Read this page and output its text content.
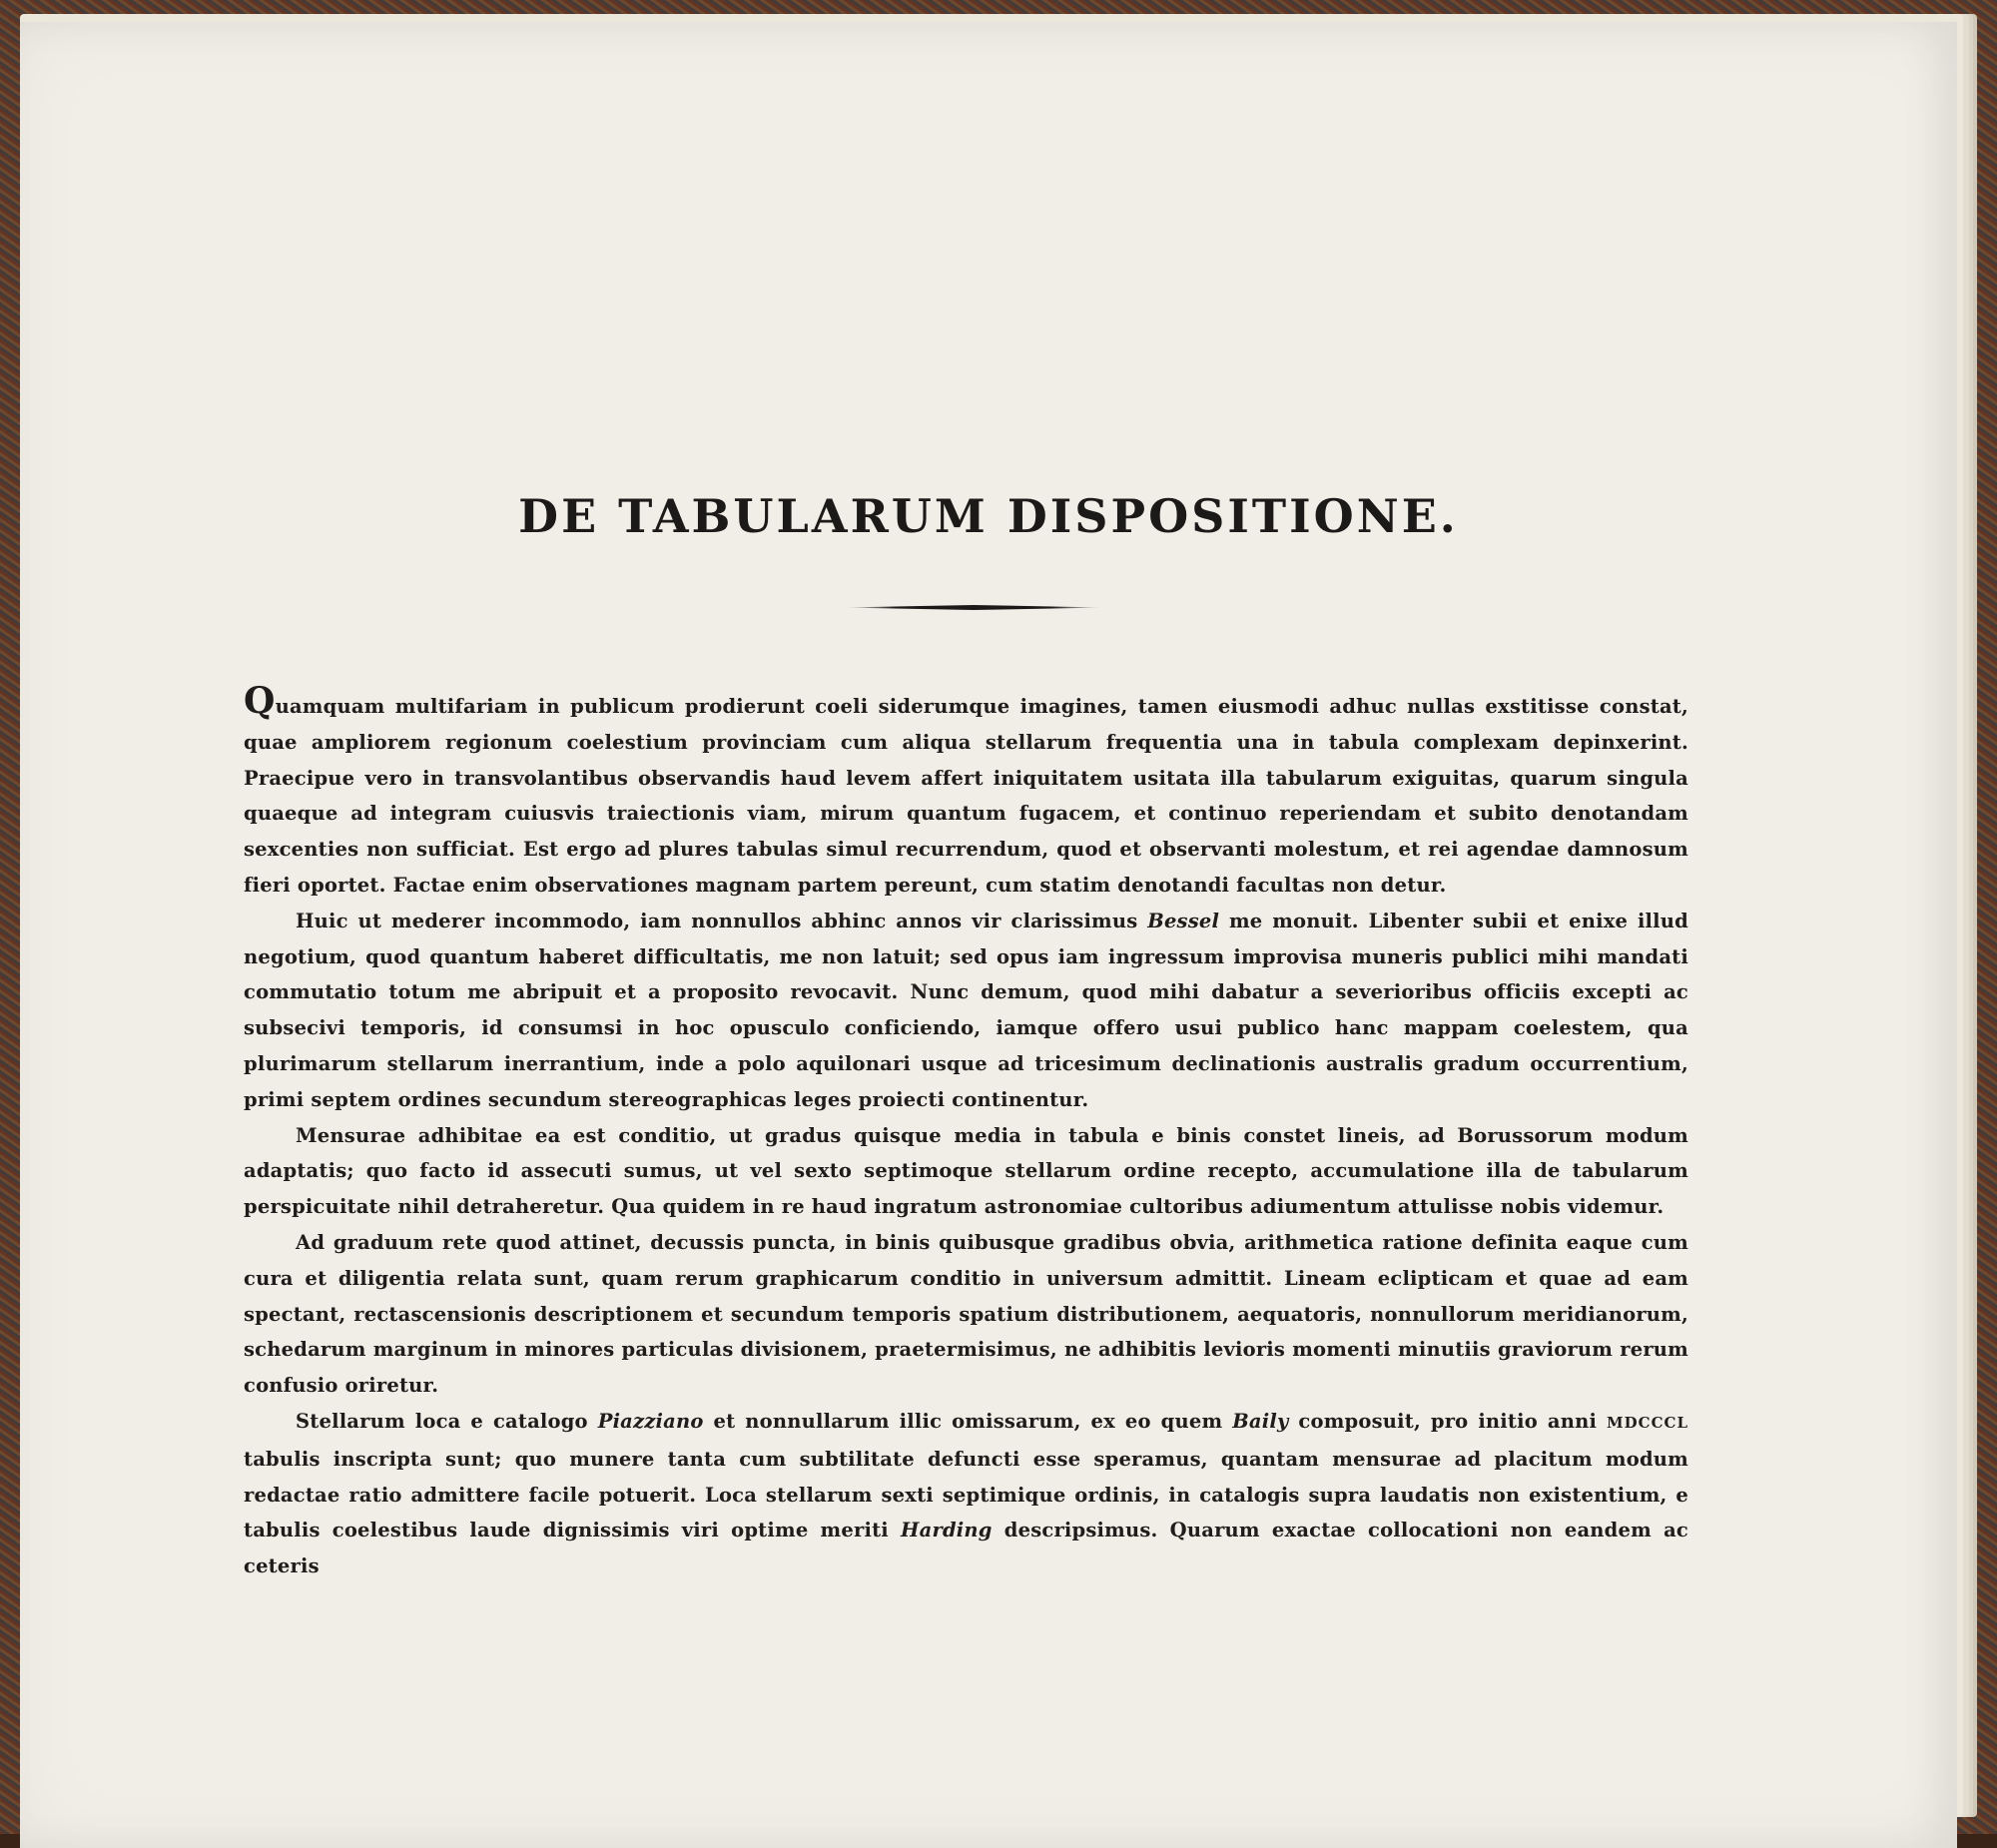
DE TABULARUM DISPOSITIONE.

Quamquam multifariam in publicum prodierunt coeli siderumque imagines, tamen eiusmodi adhuc nullas exstitisse constat, quae ampliorem regionum coelestium provinciam cum aliqua stellarum frequentia una in tabula complexam depinxerint. Praecipue vero in transvolantibus observandis haud levem affert iniquitatem usitata illa tabularum exiguitas, quarum singula quaeque ad integram cuiusvis traiectionis viam, mirum quantum fugacem, et continuo reperiendam et subito denotandam sexcenties non sufficiat. Est ergo ad plures tabulas simul recurrendum, quod et observanti molestum, et rei agendae damnosum fieri oportet. Factae enim observationes magnam partem pereunt, cum statim denotandi facultas non detur.

Huic ut mederer incommodo, iam nonnullos abhinc annos vir clarissimus Bessel me monuit. Libenter subii et enixe illud negotium, quod quantum haberet difficultatis, me non latuit; sed opus iam ingressum improvisa muneris publici mihi mandati commutatio totum me abripuit et a proposito revocavit. Nunc demum, quod mihi dabatur a severioribus officiis excepti ac subsecivi temporis, id consumsi in hoc opusculo conficiendo, iamque offero usui publico hanc mappam coelestem, qua plurimarum stellarum inerrantium, inde a polo aquilonari usque ad tricesimum declinationis australis gradum occurrentium, primi septem ordines secundum stereographicas leges proiecti continentur.

Mensurae adhibitae ea est conditio, ut gradus quisque media in tabula e binis constet lineis, ad Borussorum modum adaptatis; quo facto id assecuti sumus, ut vel sexto septimoque stellarum ordine recepto, accumulatione illa de tabularum perspicuitate nihil detraheretur. Qua quidem in re haud ingratum astronomiae cultoribus adiumentum attulisse nobis videmur.

Ad graduum rete quod attinet, decussis puncta, in binis quibusque gradibus obvia, arithmetica ratione definita eaque cum cura et diligentia relata sunt, quam rerum graphicarum conditio in universum admittit. Lineam eclipticam et quae ad eam spectant, rectascensionis descriptionem et secundum temporis spatium distributionem, aequatoris, nonnullorum meridianorum, schedarum marginum in minores particulas divisionem, praetermisimus, ne adhibitis levioris momenti minutiis graviorum rerum confusio oriretur.

Stellarum loca e catalogo Piazziano et nonnullarum illic omissarum, ex eo quem Baily composuit, pro initio anni MDCCCL tabulis inscripta sunt; quo munere tanta cum subtilitate defuncti esse speramus, quantam mensurae ad placitum modum redactae ratio admittere facile potuerit. Loca stellarum sexti septimique ordinis, in catalogis supra laudatis non existentium, e tabulis coelestibus laude dignissimis viri optime meriti Harding descripsimus. Quarum exactae collocationi non eandem ac ceteris
